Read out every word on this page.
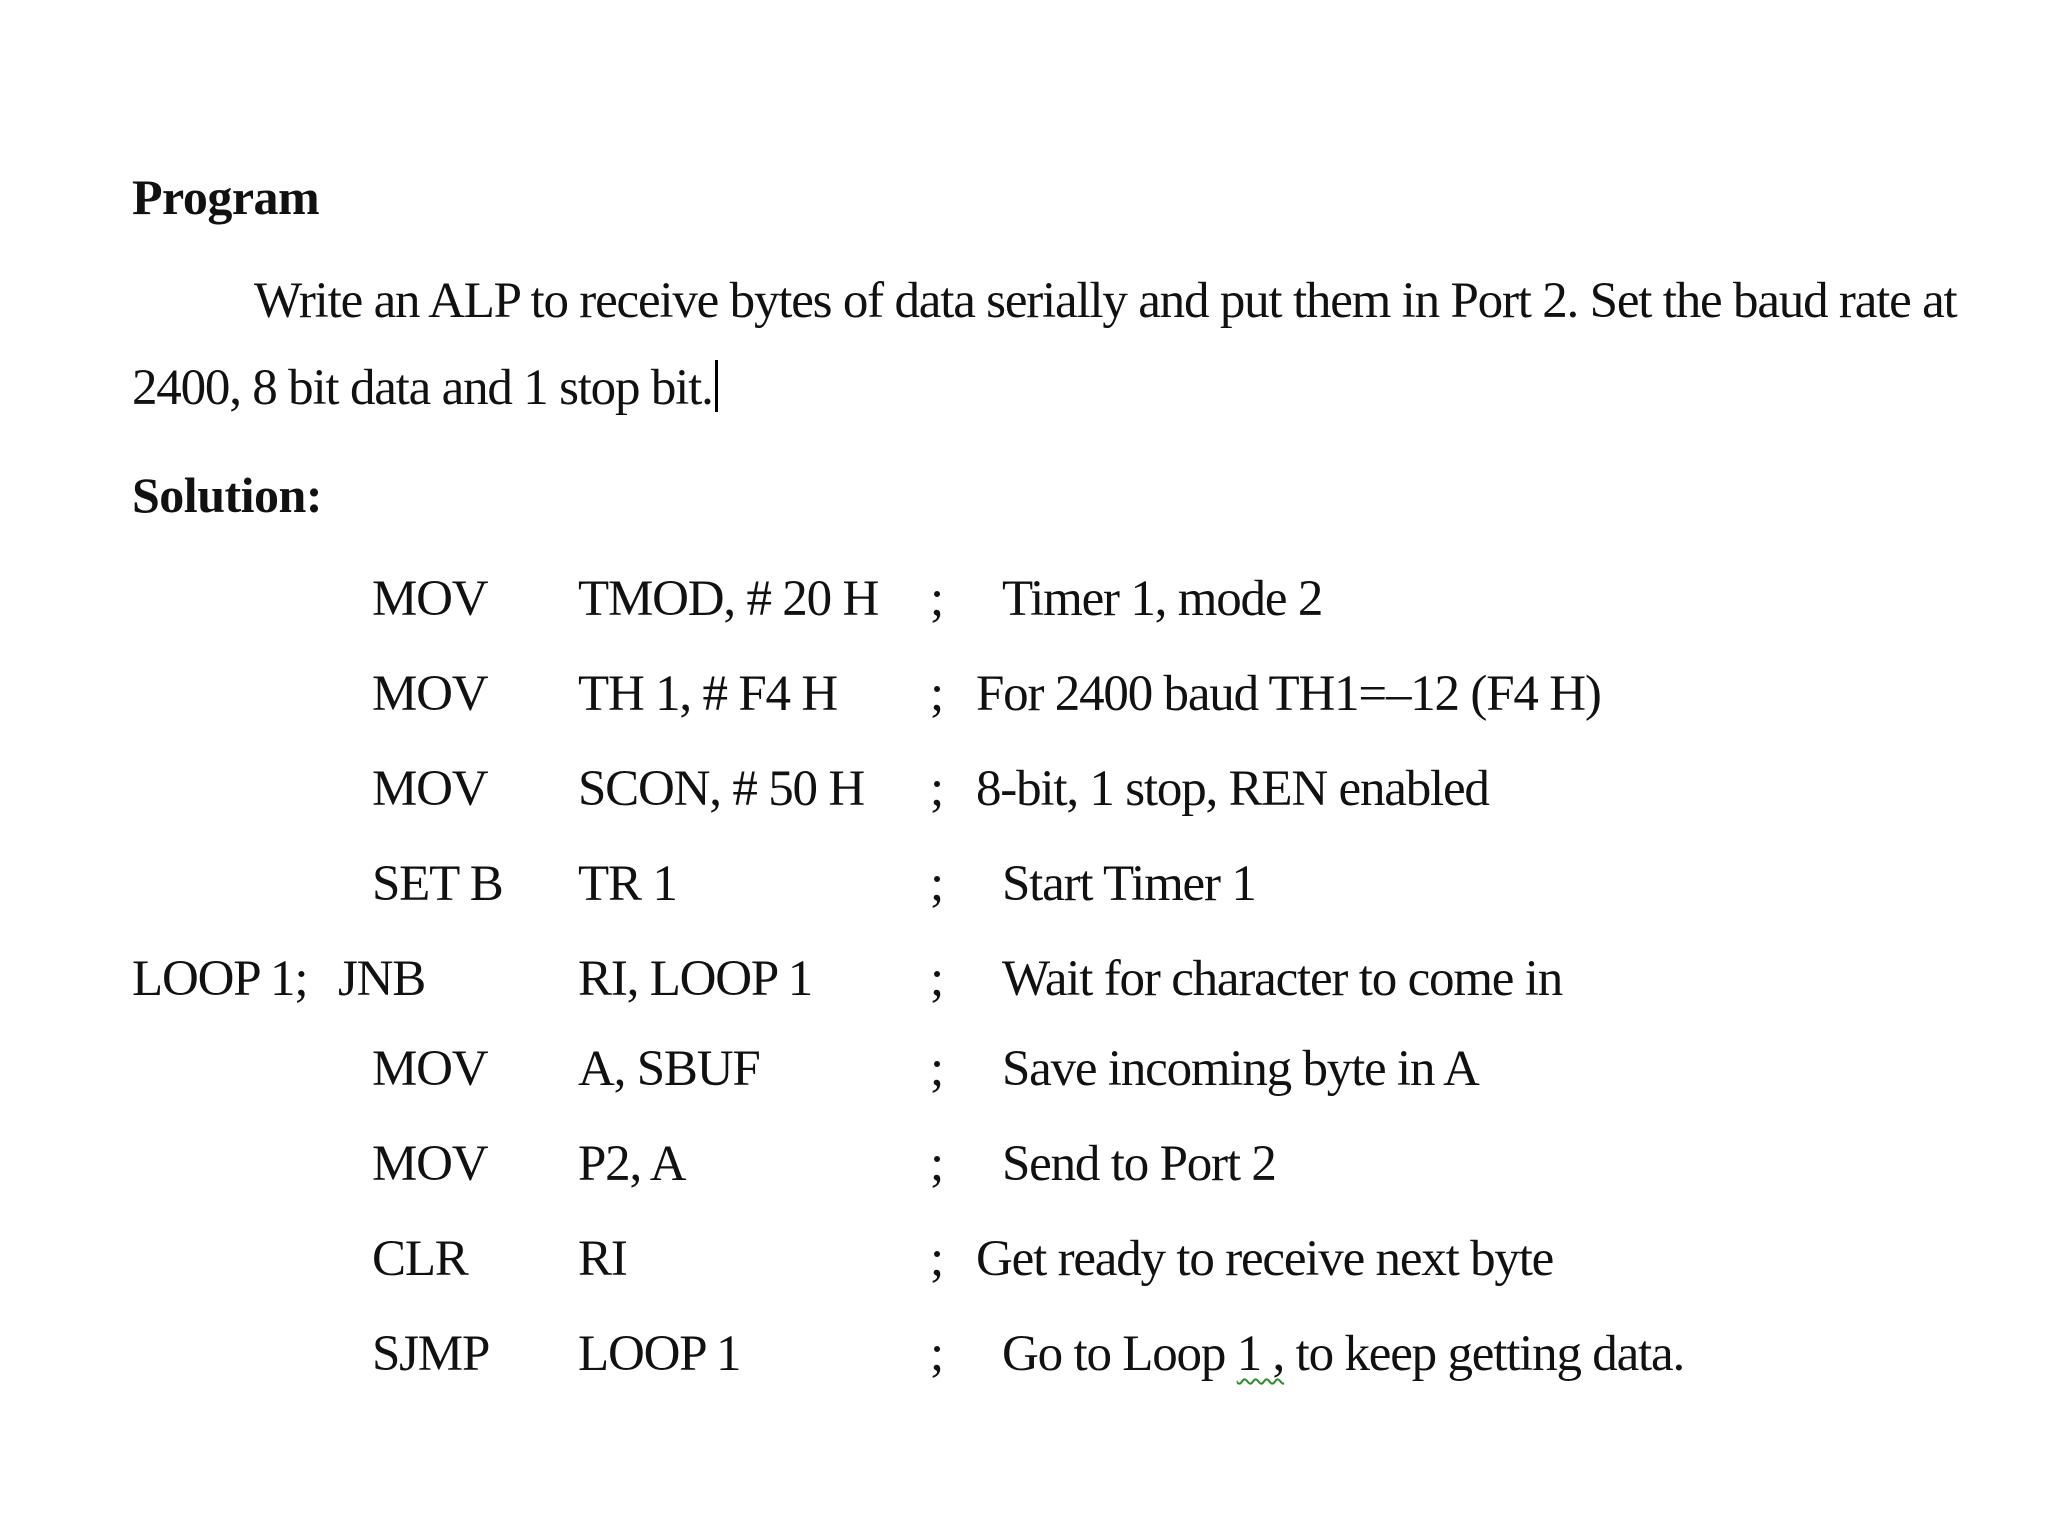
Program
Write an ALP to receive bytes of data serially and put them in Port 2. Set the baud rate at 2400, 8 bit data and 1 stop bit.
Solution:
MOV TMOD, # 20 H ; Timer 1, mode 2
MOV TH 1, # F4 H ; For 2400 baud TH1=–12 (F4 H)
MOV SCON, # 50 H ; 8-bit, 1 stop, REN enabled
SET B TR 1	; Start Timer 1
LOOP 1; JNB	RI, LOOP 1 ; Wait for character to come in
MOV A, SBUF	; Save incoming byte in A
MOV P2, A	; Send to Port 2
CLR RI	; Get ready to receive next byte
SJMP LOOP 1	; Go to Loop 1 , to keep getting data.
